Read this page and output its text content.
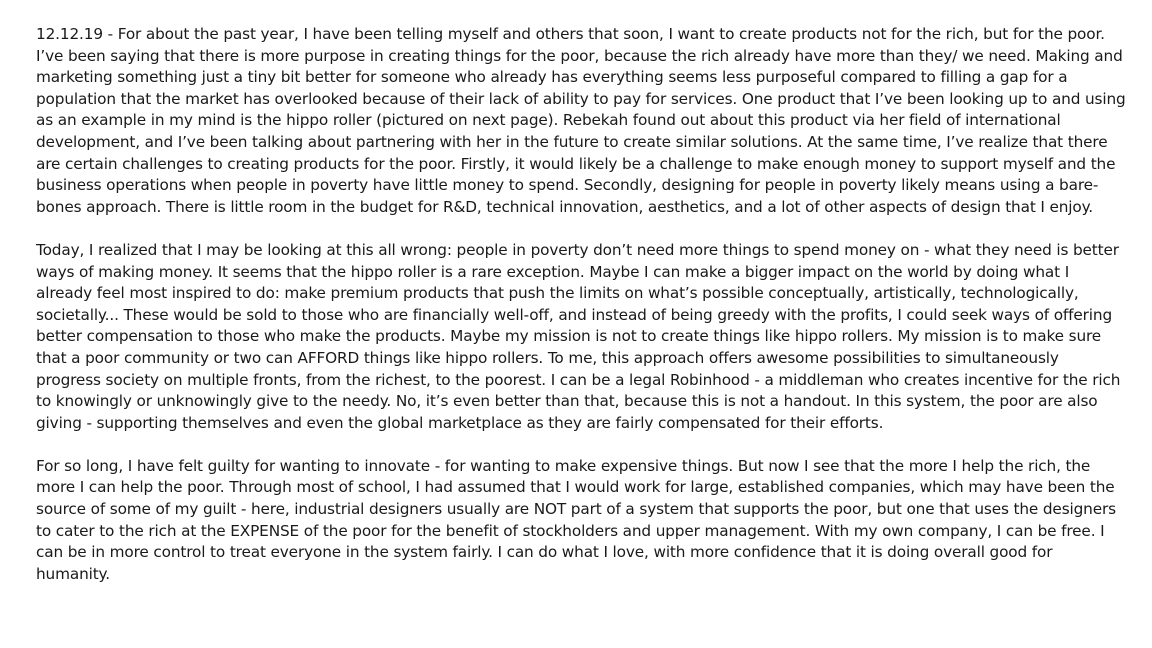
12.12.19 - For about the past year, I have been telling myself and others that soon, I want to create products not for the rich, but for the poor. I’ve been saying that there is more purpose in creating things for the poor, because the rich already have more than they/ we need. Making and marketing something just a tiny bit better for someone who already has everything seems less purposeful compared to filling a gap for a population that the market has overlooked because of their lack of ability to pay for services. One product that I’ve been looking up to and using as an example in my mind is the hippo roller (pictured on next page). Rebekah found out about this product via her field of international development, and I’ve been talking about partnering with her in the future to create similar solutions. At the same time, I’ve realize that there are certain challenges to creating products for the poor. Firstly, it would likely be a challenge to make enough money to support myself and the business operations when people in poverty have little money to spend. Secondly, designing for people in poverty likely means using a bare-bones approach. There is little room in the budget for R&D, technical innovation, aesthetics, and a lot of other aspects of design that I enjoy.

Today, I realized that I may be looking at this all wrong: people in poverty don’t need more things to spend money on - what they need is better ways of making money. It seems that the hippo roller is a rare exception. Maybe I can make a bigger impact on the world by doing what I already feel most inspired to do: make premium products that push the limits on what’s possible conceptually, artistically, technologically, societally... These would be sold to those who are financially well-off, and instead of being greedy with the profits, I could seek ways of offering better compensation to those who make the products. Maybe my mission is not to create things like hippo rollers. My mission is to make sure that a poor community or two can AFFORD things like hippo rollers. To me, this approach offers awesome possibilities to simultaneously progress society on multiple fronts, from the richest, to the poorest. I can be a legal Robinhood - a middleman who creates incentive for the rich to knowingly or unknowingly give to the needy. No, it’s even better than that, because this is not a handout. In this system, the poor are also giving - supporting themselves and even the global marketplace as they are fairly compensated for their efforts.

For so long, I have felt guilty for wanting to innovate - for wanting to make expensive things. But now I see that the more I help the rich, the more I can help the poor. Through most of school, I had assumed that I would work for large, established companies, which may have been the source of some of my guilt - here, industrial designers usually are NOT part of a system that supports the poor, but one that uses the designers to cater to the rich at the EXPENSE of the poor for the benefit of stockholders and upper management. With my own company, I can be free. I can be in more control to treat everyone in the system fairly. I can do what I love, with more confidence that it is doing overall good for humanity.
